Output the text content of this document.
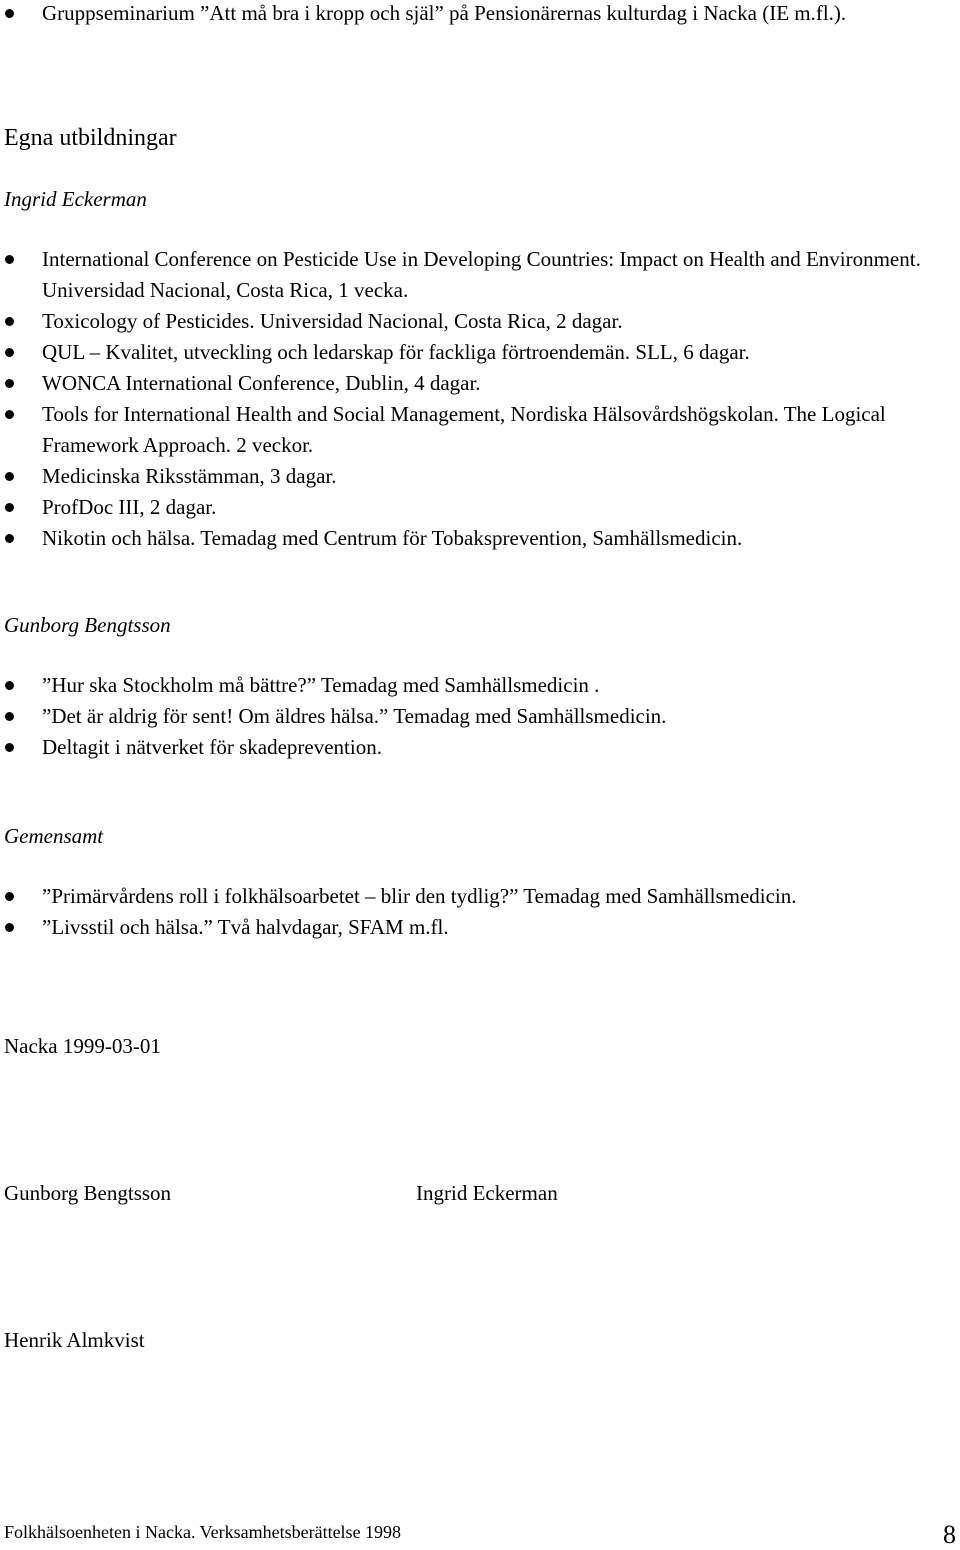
Gruppseminarium ”Att må bra i kropp och själ” på Pensionärernas kulturdag i Nacka (IE m.fl.).
Egna utbildningar
Ingrid Eckerman
International Conference on Pesticide Use in Developing Countries: Impact on Health and Environment. Universidad Nacional, Costa Rica, 1 vecka.
Toxicology of Pesticides. Universidad Nacional, Costa Rica, 2 dagar.
QUL – Kvalitet, utveckling och ledarskap för fackliga förtroendemän. SLL, 6 dagar.
WONCA International Conference, Dublin, 4 dagar.
Tools for International Health and Social Management, Nordiska Hälsovårdshögskolan. The Logical Framework Approach. 2 veckor.
Medicinska Riksstämman, 3 dagar.
ProfDoc III, 2 dagar.
Nikotin och hälsa. Temadag med Centrum för Tobaksprevention, Samhällsmedicin.
Gunborg Bengtsson
”Hur ska Stockholm må bättre?” Temadag med Samhällsmedicin .
”Det är aldrig för sent! Om äldres hälsa.” Temadag med Samhällsmedicin.
Deltagit i nätverket för skadeprevention.
Gemensamt
”Primärvårdens roll i folkhälsoarbetet – blir den tydlig?” Temadag med Samhällsmedicin.
”Livsstil och hälsa.” Två halvdagar, SFAM m.fl.
Nacka 1999-03-01
Gunborg Bengtsson	Ingrid Eckerman
Henrik Almkvist
Folkhälsoenheten i Nacka. Verksamhetsberättelse 1998	8
